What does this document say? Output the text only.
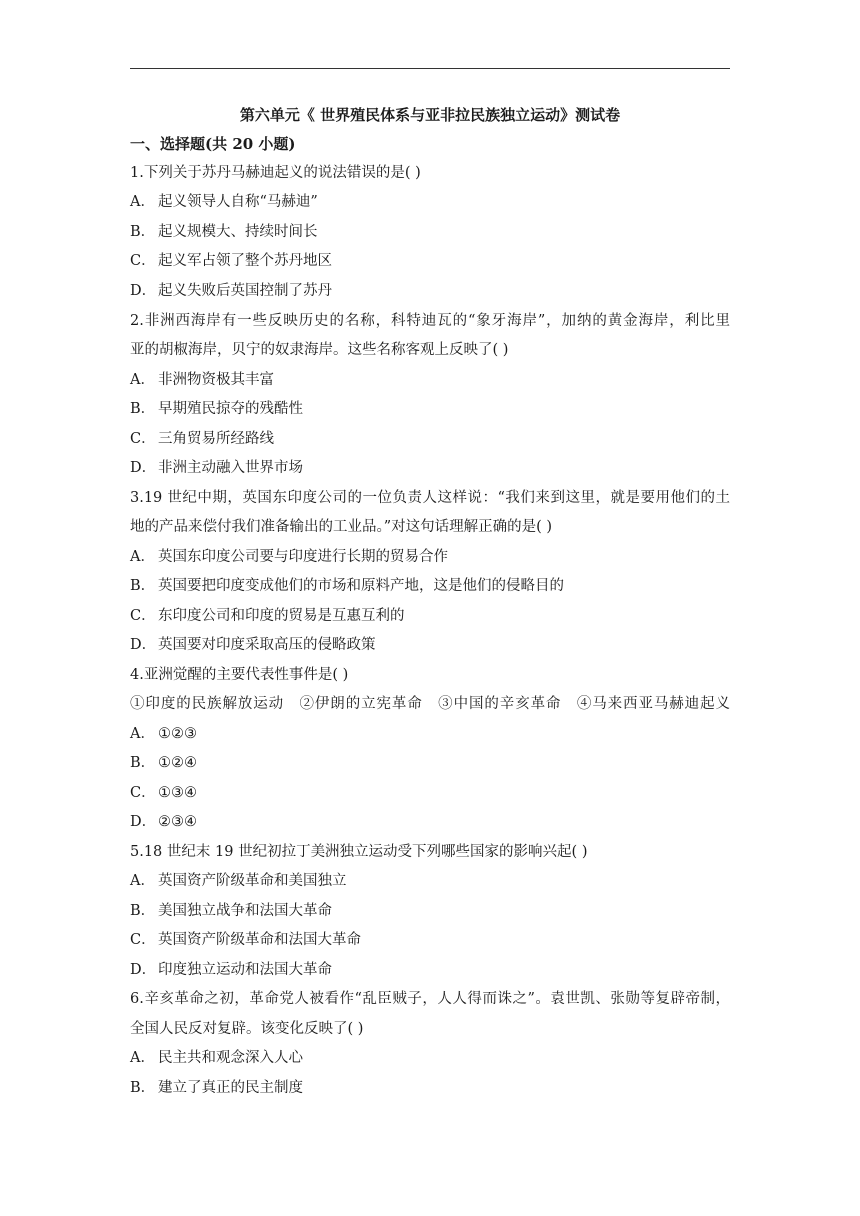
第六单元《 世界殖民体系与亚非拉民族独立运动》测试卷
一、选择题(共 20 小题)
1.下列关于苏丹马赫迪起义的说法错误的是( )
A． 起义领导人自称“马赫迪”
B． 起义规模大、持续时间长
C． 起义军占领了整个苏丹地区
D． 起义失败后英国控制了苏丹
2.非洲西海岸有一些反映历史的名称，科特迪瓦的“象牙海岸”，加纳的黄金海岸，利比里
亚的胡椒海岸，贝宁的奴隶海岸。这些名称客观上反映了( )
A． 非洲物资极其丰富
B． 早期殖民掠夺的残酷性
C． 三角贸易所经路线
D． 非洲主动融入世界市场
3.19 世纪中期，英国东印度公司的一位负责人这样说：“我们来到这里，就是要用他们的土
地的产品来偿付我们准备输出的工业品。”对这句话理解正确的是( )
A． 英国东印度公司要与印度进行长期的贸易合作
B． 英国要把印度变成他们的市场和原料产地，这是他们的侵略目的
C． 东印度公司和印度的贸易是互惠互利的
D． 英国要对印度采取高压的侵略政策
4.亚洲觉醒的主要代表性事件是( )
①印度的民族解放运动　②伊朗的立宪革命　③中国的辛亥革命　④马来西亚马赫迪起义
A． ①②③
B． ①②④
C． ①③④
D． ②③④
5.18 世纪末 19 世纪初拉丁美洲独立运动受下列哪些国家的影响兴起( )
A． 英国资产阶级革命和美国独立
B． 美国独立战争和法国大革命
C． 英国资产阶级革命和法国大革命
D． 印度独立运动和法国大革命
6.辛亥革命之初，革命党人被看作“乱臣贼子，人人得而诛之”。袁世凯、张勋等复辟帝制，
全国人民反对复辟。该变化反映了( )
A． 民主共和观念深入人心
B． 建立了真正的民主制度
